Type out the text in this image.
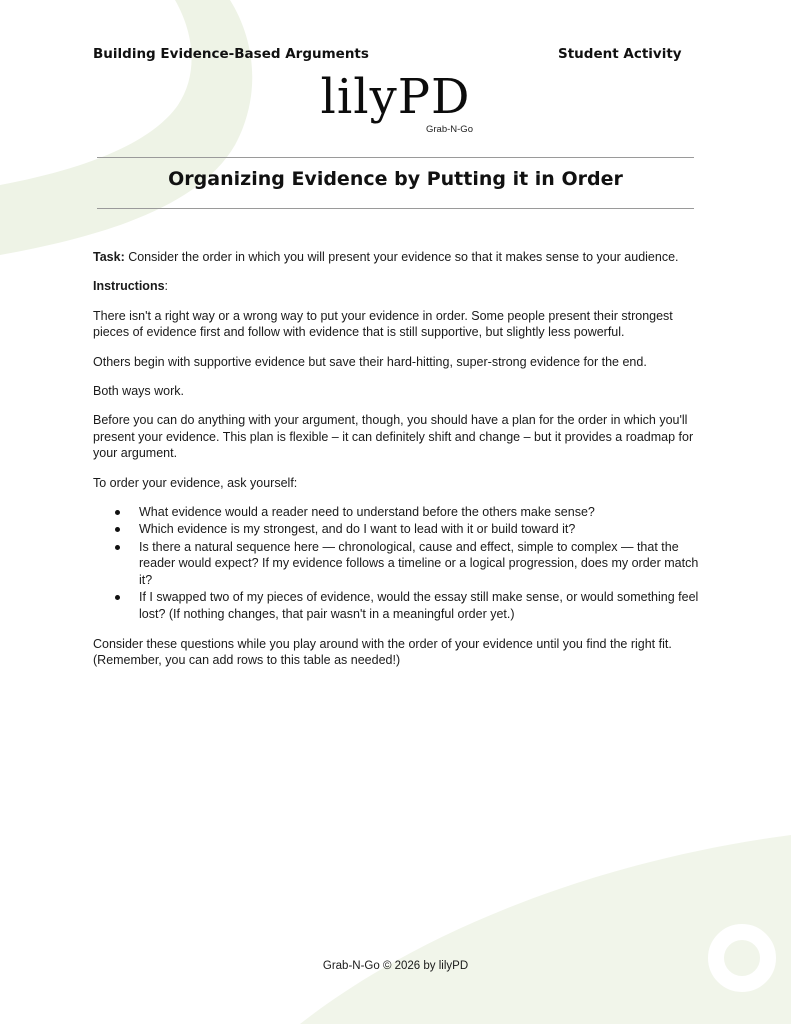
Building Evidence-Based Arguments	Student Activity
lilyPD
Grab-N-Go
Organizing Evidence by Putting it in Order

Task: Consider the order in which you will present your evidence so that it makes sense to your audience.

Instructions:

There isn't a right way or a wrong way to put your evidence in order. Some people present their strongest pieces of evidence first and follow with evidence that is still supportive, but slightly less powerful.

Others begin with supportive evidence but save their hard-hitting, super-strong evidence for the end.

Both ways work.

Before you can do anything with your argument, though, you should have a plan for the order in which you'll present your evidence. This plan is flexible – it can definitely shift and change – but it provides a roadmap for your argument.

To order your evidence, ask yourself:

What evidence would a reader need to understand before the others make sense?
Which evidence is my strongest, and do I want to lead with it or build toward it?
Is there a natural sequence here — chronological, cause and effect, simple to complex — that the reader would expect? If my evidence follows a timeline or a logical progression, does my order match it?
If I swapped two of my pieces of evidence, would the essay still make sense, or would something feel lost? (If nothing changes, that pair wasn't in a meaningful order yet.)

Consider these questions while you play around with the order of your evidence until you find the right fit. (Remember, you can add rows to this table as needed!)

Grab-N-Go © 2026 by lilyPD
